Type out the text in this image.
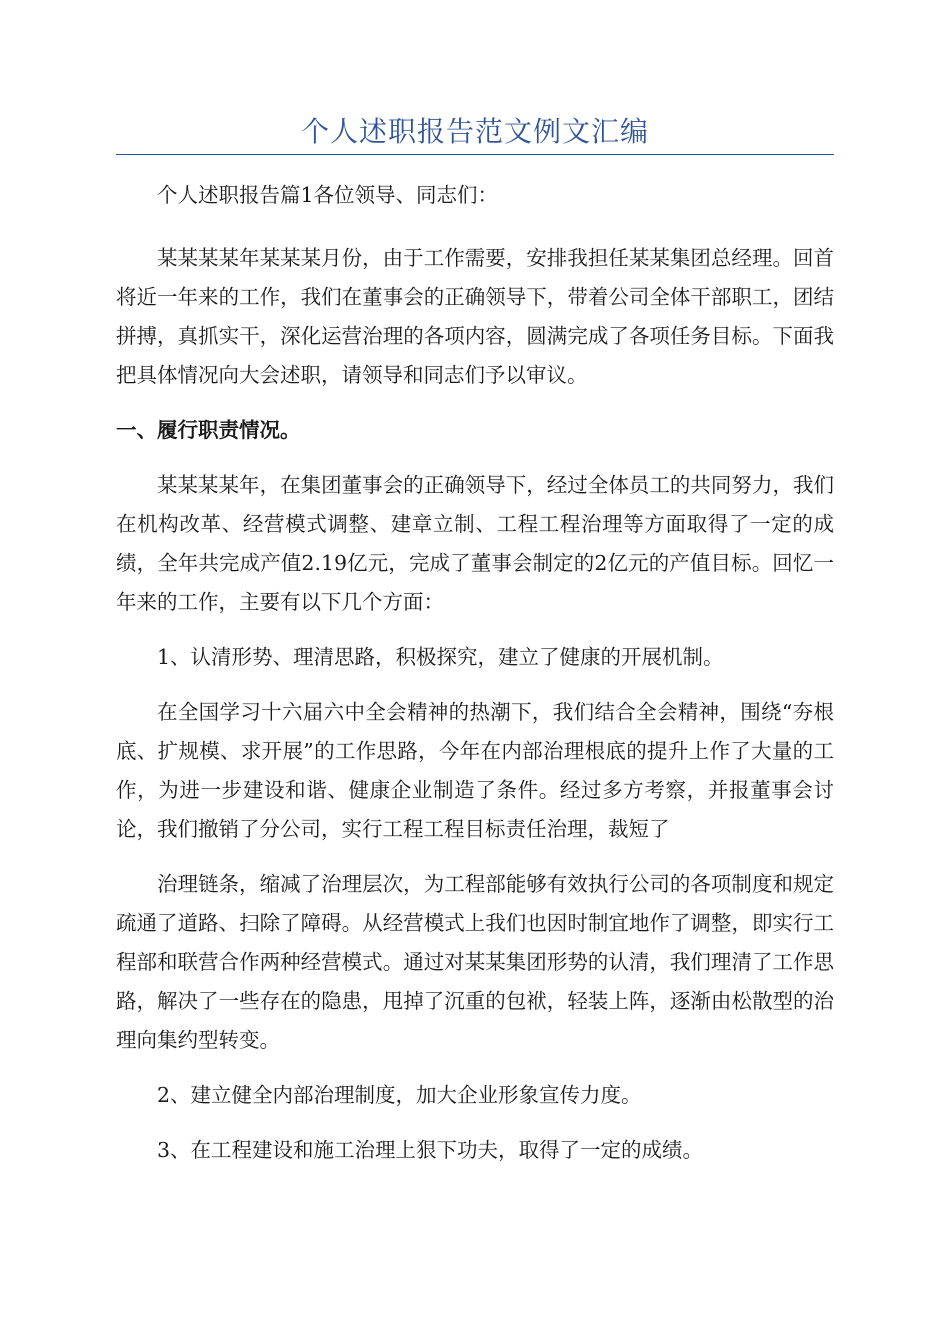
个人述职报告范文例文汇编

个人述职报告篇1各位领导、同志们：

某某某某年某某某月份，由于工作需要，安排我担任某某集团总经理。回首将近一年来的工作，我们在董事会的正确领导下，带着公司全体干部职工，团结拼搏，真抓实干，深化运营治理的各项内容，圆满完成了各项任务目标。下面我把具体情况向大会述职，请领导和同志们予以审议。

一、履行职责情况。

某某某某年，在集团董事会的正确领导下，经过全体员工的共同努力，我们在机构改革、经营模式调整、建章立制、工程工程治理等方面取得了一定的成绩，全年共完成产值2.19亿元，完成了董事会制定的2亿元的产值目标。回忆一年来的工作，主要有以下几个方面：

1、认清形势、理清思路，积极探究，建立了健康的开展机制。

在全国学习十六届六中全会精神的热潮下，我们结合全会精神，围绕“夯根底、扩规模、求开展”的工作思路，今年在内部治理根底的提升上作了大量的工作，为进一步建设和谐、健康企业制造了条件。经过多方考察，并报董事会讨论，我们撤销了分公司，实行工程工程目标责任治理，裁短了

治理链条，缩减了治理层次，为工程部能够有效执行公司的各项制度和规定疏通了道路、扫除了障碍。从经营模式上我们也因时制宜地作了调整，即实行工程部和联营合作两种经营模式。通过对某某集团形势的认清，我们理清了工作思路，解决了一些存在的隐患，甩掉了沉重的包袱，轻装上阵，逐渐由松散型的治理向集约型转变。

2、建立健全内部治理制度，加大企业形象宣传力度。

3、在工程建设和施工治理上狠下功夫，取得了一定的成绩。
